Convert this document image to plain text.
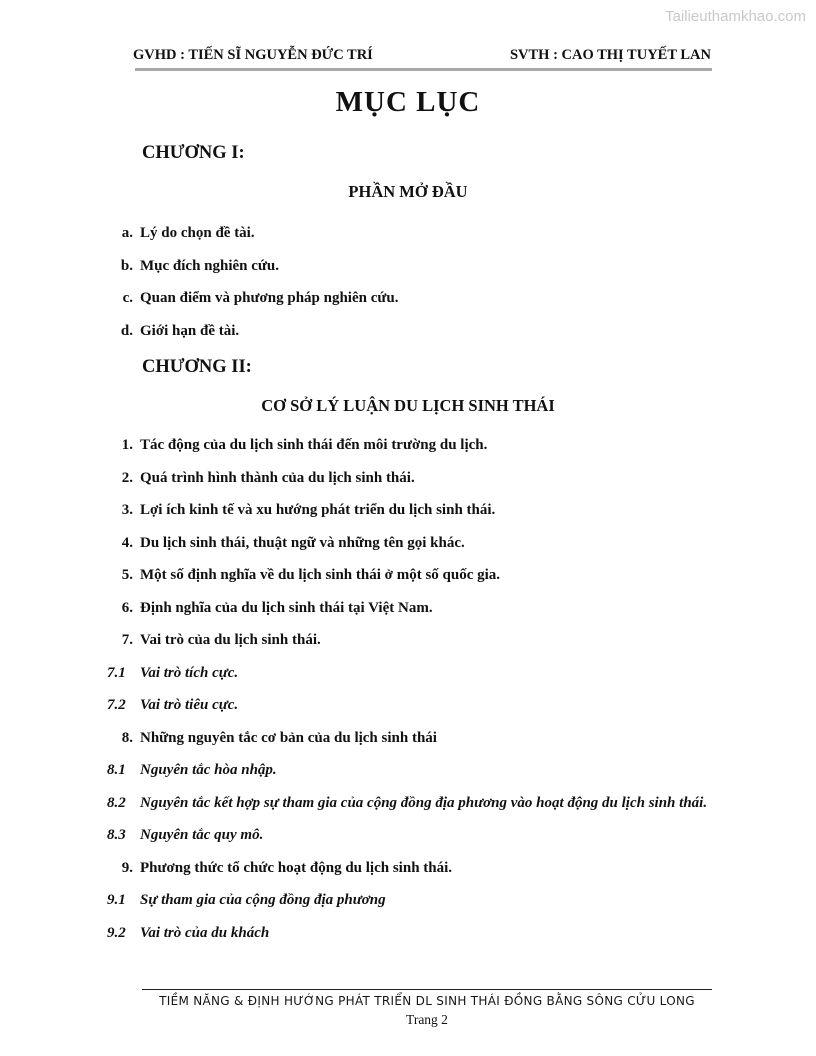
Tailieuthamkhao.com
GVHD : TIẾN SĨ NGUYỄN ĐỨC TRÍ	SVTH : CAO THỊ TUYẾT LAN
MỤC LỤC
CHƯƠNG I:
PHẦN MỞ ĐẦU
a. Lý do chọn đề tài.
b. Mục đích nghiên cứu.
c. Quan điểm và phương pháp nghiên cứu.
d. Giới hạn đề tài.
CHƯƠNG II:
CƠ SỞ LÝ LUẬN DU LỊCH SINH THÁI
1. Tác động của du lịch sinh thái đến môi trường du lịch.
2. Quá trình hình thành của du lịch sinh thái.
3. Lợi ích kinh tế và xu hướng phát triển du lịch sinh thái.
4. Du lịch sinh thái, thuật ngữ và những tên gọi khác.
5. Một số định nghĩa về du lịch sinh thái ở một số quốc gia.
6. Định nghĩa của du lịch sinh thái tại Việt Nam.
7. Vai trò của du lịch sinh thái.
7.1 Vai trò tích cực.
7.2 Vai trò tiêu cực.
8. Những nguyên tắc cơ bản của du lịch sinh thái
8.1 Nguyên tắc hòa nhập.
8.2 Nguyên tắc kết hợp sự tham gia của cộng đồng địa phương vào hoạt động du lịch sinh thái.
8.3 Nguyên tắc quy mô.
9. Phương thức tổ chức hoạt động du lịch sinh thái.
9.1 Sự tham gia của cộng đồng địa phương
9.2 Vai trò của du khách
TIỀM NĂNG & ĐỊNH HƯỚNG PHÁT TRIỂN DL SINH THÁI ĐỒNG BẰNG SÔNG CỬU LONG
Trang 2
